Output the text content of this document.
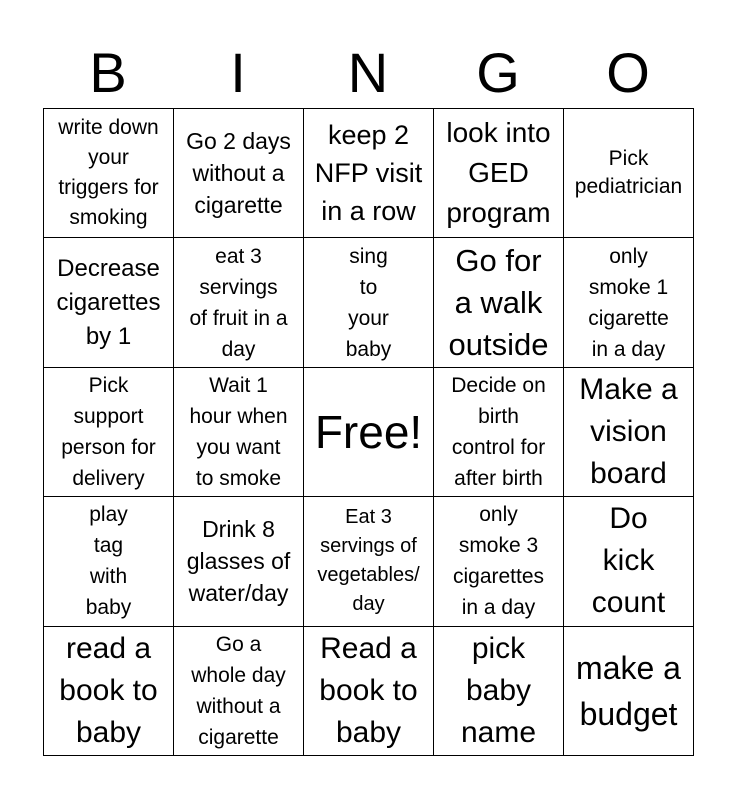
B	I	N	G	O
write down
your
triggers for
smoking	Go 2 days
without a
cigarette	keep 2
NFP visit
in a row	look into
GED
program	Pick
pediatrician

Decrease
cigarettes
by 1	eat 3
servings
of fruit in a
day	sing
to
your
baby	Go for
a walk
outside	only
smoke 1
cigarette
in a day

Pick
support
person for
delivery	Wait 1
hour when
you want
to smoke	Free!	Decide on
birth
control for
after birth	Make a
vision
board

play
tag
with
baby	Drink 8
glasses of
water/day	Eat 3
servings of
vegetables/
day	only
smoke 3
cigarettes
in a day	Do
kick
count

read a
book to
baby	Go a
whole day
without a
cigarette	Read a
book to
baby	pick
baby
name	make a
budget
